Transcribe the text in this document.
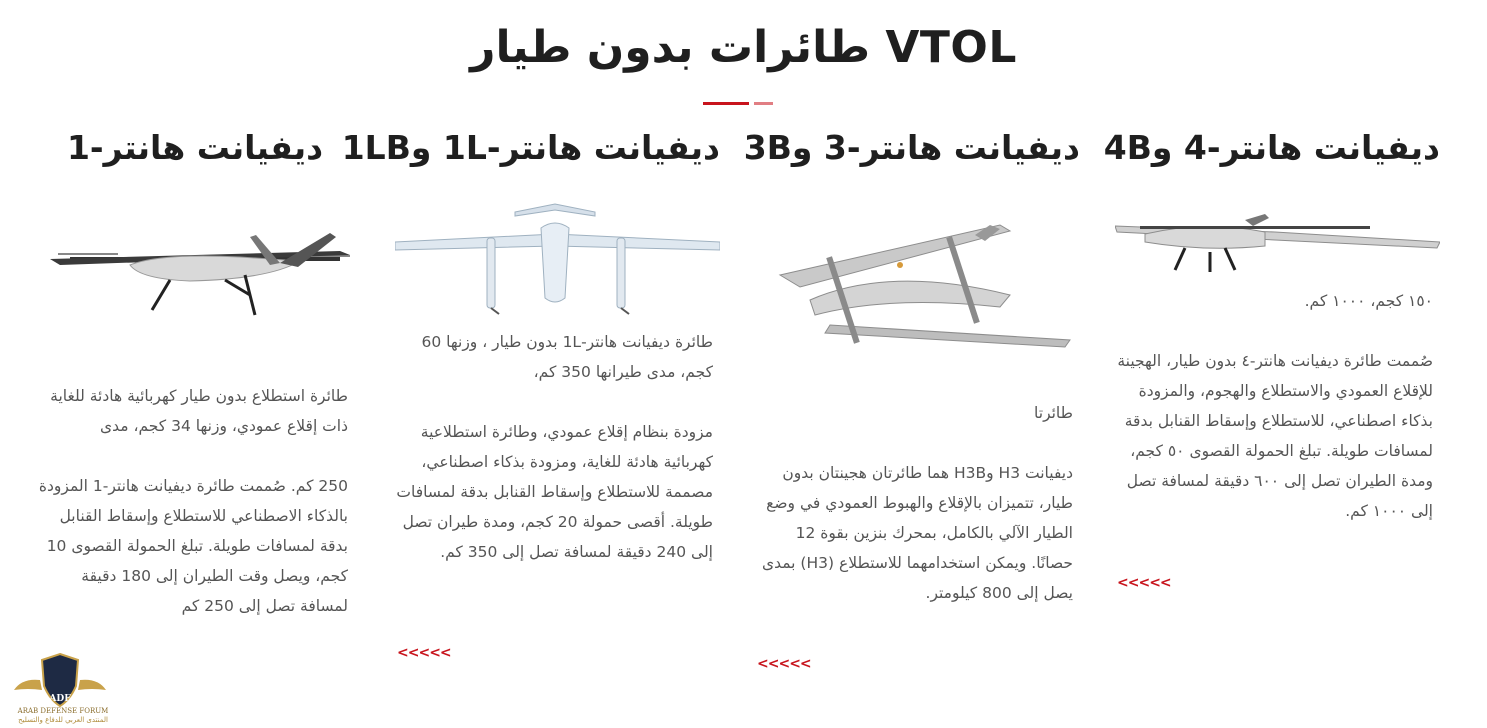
طائرات بدون طيار VTOL
ديفيانت هانتر-1

طائرة استطلاع بدون طيار كهربائية هادئة للغاية ذات إقلاع عمودي، وزنها 34 كجم، مدى

250 كم. صُممت طائرة ديفيانت هانتر-1 المزودة بالذكاء الاصطناعي للاستطلاع وإسقاط القنابل بدقة لمسافات طويلة. تبلغ الحمولة القصوى 10 كجم، ويصل وقت الطيران إلى 180 دقيقة لمسافة تصل إلى 250 كم

ديفيانت هانتر-1L و1LB

طائرة ديفيانت هانتر-1L بدون طيار ، وزنها 60 كجم، مدى طيرانها 350 كم،

مزودة بنظام إقلاع عمودي، وطائرة استطلاعية كهربائية هادئة للغاية، ومزودة بذكاء اصطناعي، مصممة للاستطلاع وإسقاط القنابل بدقة لمسافات طويلة. أقصى حمولة 20 كجم، ومدة طيران تصل إلى 240 دقيقة لمسافة تصل إلى 350 كم.

<<<<<
ديفيانت هانتر-3 و3B

طائرتا

ديفيانت H3 وH3B هما طائرتان هجينتان بدون طيار، تتميزان بالإقلاع والهبوط العمودي في وضع الطيار الآلي بالكامل، بمحرك بنزين بقوة 12 حصانًا. ويمكن استخدامهما للاستطلاع (H3) بمدى يصل إلى 800 كيلومتر.

<<<<<
ديفيانت هانتر-4 و4B

١٥٠ كجم، ١٠٠٠ كم.

صُممت طائرة ديفيانت هانتر-٤ بدون طيار، الهجينة للإقلاع العمودي والاستطلاع والهجوم، والمزودة بذكاء اصطناعي، للاستطلاع وإسقاط القنابل بدقة لمسافات طويلة. تبلغ الحمولة القصوى ٥٠ كجم، ومدة الطيران تصل إلى ٦٠٠ دقيقة لمسافة تصل إلى ١٠٠٠ كم.

<<<<<
ADF
ARAB DEFENSE FORUM
المنتدى العربي للدفاع والتسليح
